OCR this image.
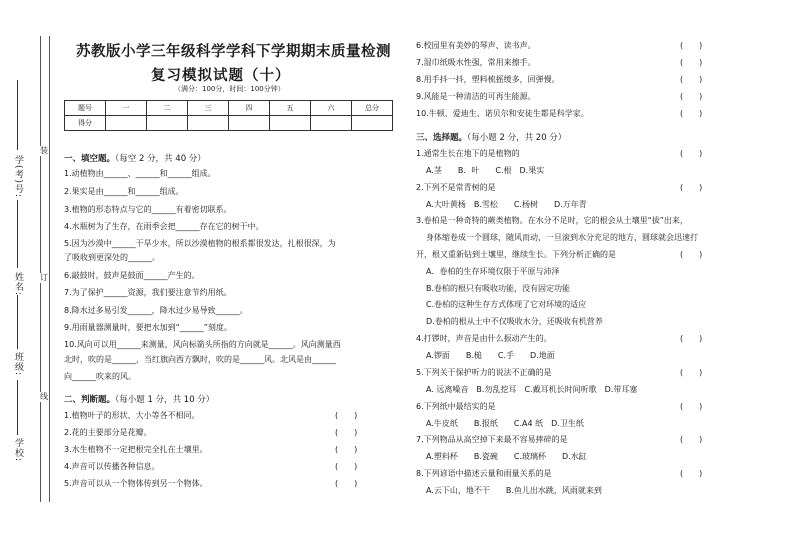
学(考)号:
姓名:
班级:
学校:
装
订
线
苏教版小学三年级科学学科下学期期末质量检测
复习模拟试题（十）
（满分：100分，时间：100分钟）
题号	一	二	三	四	五	六	总分
得分							
一、填空题。（每空 2 分，共 40 分）
1.动植物由______、______和______组成。
2.果实是由______和______组成。
3.植物的形态特点与它的______有着密切联系。
4.水瓶树为了生存，在雨季会把______存在它的树干中。
5.因为沙漠中______干旱少水，所以沙漠植物的根系都很发达，扎根很深，为
了吸收到更深处的______。
6.敲鼓时，鼓声是鼓面______产生的。
7.为了保护______资源，我们要注意节约用纸。
8.降水过多易引发______，降水过少易导致______。
9.用雨量器测量时，要把水加到“______”刻度。
10.风向可以用______来测量，风向标箭头所指的方向就是______。风向测量西
北时，吹的是______，当红旗向西方飘时，吹的是______风。北风是由______
向______吹来的风。
二、判断题。（每小题 1 分，共 10 分）
1.植物叶子的形状、大小等各不相同。	(　　)
2.花的主要部分是花瓣。	(　　)
3.水生植物不一定把根完全扎在土壤里。	(　　)
4.声音可以传播各种信息。	(　　)
5.声音可以从一个物体传到另一个物体。	(　　)
6.校园里有美妙的琴声、读书声。	(　　)
7.湿巾纸吸水性强，常用来擦手。	(　　)
8.用手抖一抖，塑料梳摇缓多，回弹慢。	(　　)
9.风能是一种清洁的可再生能源。	(　　)
10.牛顿、爱迪生、诺贝尔和安徒生都是科学家。	(　　)
三、选择题。（每小题 2 分，共 20 分）
1.通常生长在地下的是植物的	(　　)
A.茎　　B．叶　　C.根　D.果实
2.下列不是常青树的是	(　　)
A.大叶黄杨　B.雪松　　C.杨树　　D.万年青
3.卷柏是一种奇特的蕨类植物。在水分不足时，它的根会从土壤里“拔”出来，
身体缩卷成一个圆球，随风而动，一旦滚到水分充足的地方，圆球就会迅速打
开，根又重新钻到土壤里，继续生长。下列分析正确的是	(　　)
A．卷柏的生存环境仅限于平原与沛泽
B.卷柏的根只有吸收功能，没有固定功能
C.卷柏的这种生存方式体现了它对环境的适应
D.卷柏的根从土中不仅吸收水分，还吸收有机营养
4.打锣时，声音是由什么振动产生的。	(　　)
A.锣面　　B.槌　　C.手　　D.地面
5.下列关于保护听力的说法不正确的是	(　　)
A. 远离噪音　B.勿乱挖耳　C.戴耳机长时间听歌　D.带耳塞
6.下列纸中最结实的是	(　　)
A.牛皮纸　　B.报纸　　C.A4 纸　D.卫生纸
7.下列物品从高空掉下来最不容易摔碎的是	(　　)
A.塑料杯　　B.瓷碗　　C.玻璃杯　　D.水缸
8.下列谚语中描述云量和雨量关系的是	(　　)
A.云下山，地不干　　B.鱼儿出水跳，风雨就来到
